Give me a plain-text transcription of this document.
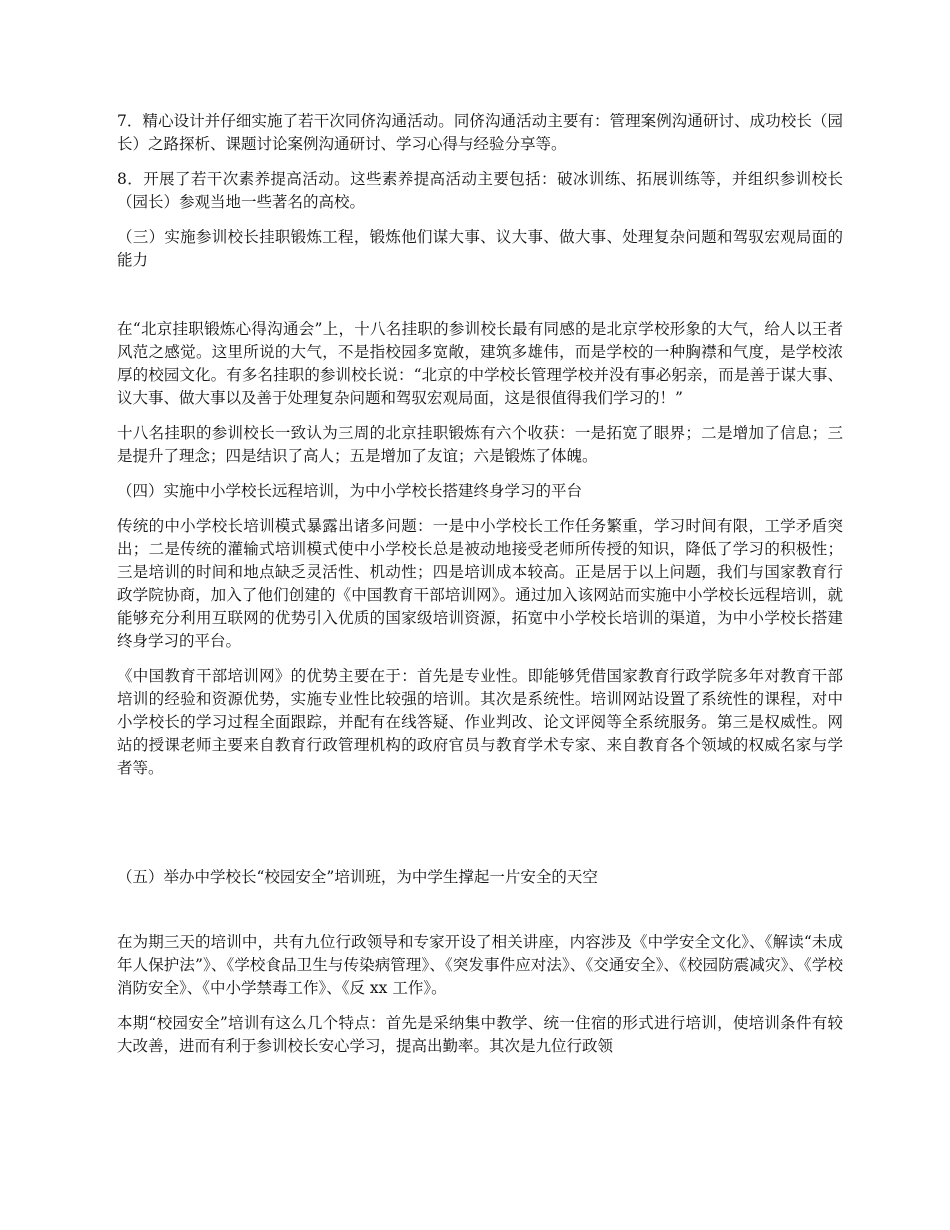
7．精心设计并仔细实施了若干次同侪沟通活动。同侪沟通活动主要有：管理案例沟通研讨、成功校长（园长）之路探析、课题讨论案例沟通研讨、学习心得与经验分享等。

8．开展了若干次素养提高活动。这些素养提高活动主要包括：破冰训练、拓展训练等，并组织参训校长（园长）参观当地一些著名的高校。

（三）实施参训校长挂职锻炼工程，锻炼他们谋大事、议大事、做大事、处理复杂问题和驾驭宏观局面的能力

在“北京挂职锻炼心得沟通会”上，十八名挂职的参训校长最有同感的是北京学校形象的大气，给人以王者风范之感觉。这里所说的大气，不是指校园多宽敞，建筑多雄伟，而是学校的一种胸襟和气度，是学校浓厚的校园文化。有多名挂职的参训校长说：“北京的中学校长管理学校并没有事必躬亲，而是善于谋大事、议大事、做大事以及善于处理复杂问题和驾驭宏观局面，这是很值得我们学习的！”

十八名挂职的参训校长一致认为三周的北京挂职锻炼有六个收获：一是拓宽了眼界；二是增加了信息；三是提升了理念；四是结识了高人；五是增加了友谊；六是锻炼了体魄。

（四）实施中小学校长远程培训，为中小学校长搭建终身学习的平台

传统的中小学校长培训模式暴露出诸多问题：一是中小学校长工作任务繁重，学习时间有限，工学矛盾突出；二是传统的灌输式培训模式使中小学校长总是被动地接受老师所传授的知识，降低了学习的积极性；三是培训的时间和地点缺乏灵活性、机动性；四是培训成本较高。正是居于以上问题，我们与国家教育行政学院协商，加入了他们创建的《中国教育干部培训网》。通过加入该网站而实施中小学校长远程培训，就能够充分利用互联网的优势引入优质的国家级培训资源，拓宽中小学校长培训的渠道，为中小学校长搭建终身学习的平台。

《中国教育干部培训网》的优势主要在于：首先是专业性。即能够凭借国家教育行政学院多年对教育干部培训的经验和资源优势，实施专业性比较强的培训。其次是系统性。培训网站设置了系统性的课程，对中小学校长的学习过程全面跟踪，并配有在线答疑、作业判改、论文评阅等全系统服务。第三是权威性。网站的授课老师主要来自教育行政管理机构的政府官员与教育学术专家、来自教育各个领域的权威名家与学者等。

（五）举办中学校长“校园安全”培训班，为中学生撑起一片安全的天空

在为期三天的培训中，共有九位行政领导和专家开设了相关讲座，内容涉及《中学安全文化》、《解读“未成年人保护法”》、《学校食品卫生与传染病管理》、《突发事件应对法》、《交通安全》、《校园防震减灾》、《学校消防安全》、《中小学禁毒工作》、《反 xx 工作》。

本期“校园安全”培训有这么几个特点：首先是采纳集中教学、统一住宿的形式进行培训，使培训条件有较大改善，进而有利于参训校长安心学习，提高出勤率。其次是九位行政领
